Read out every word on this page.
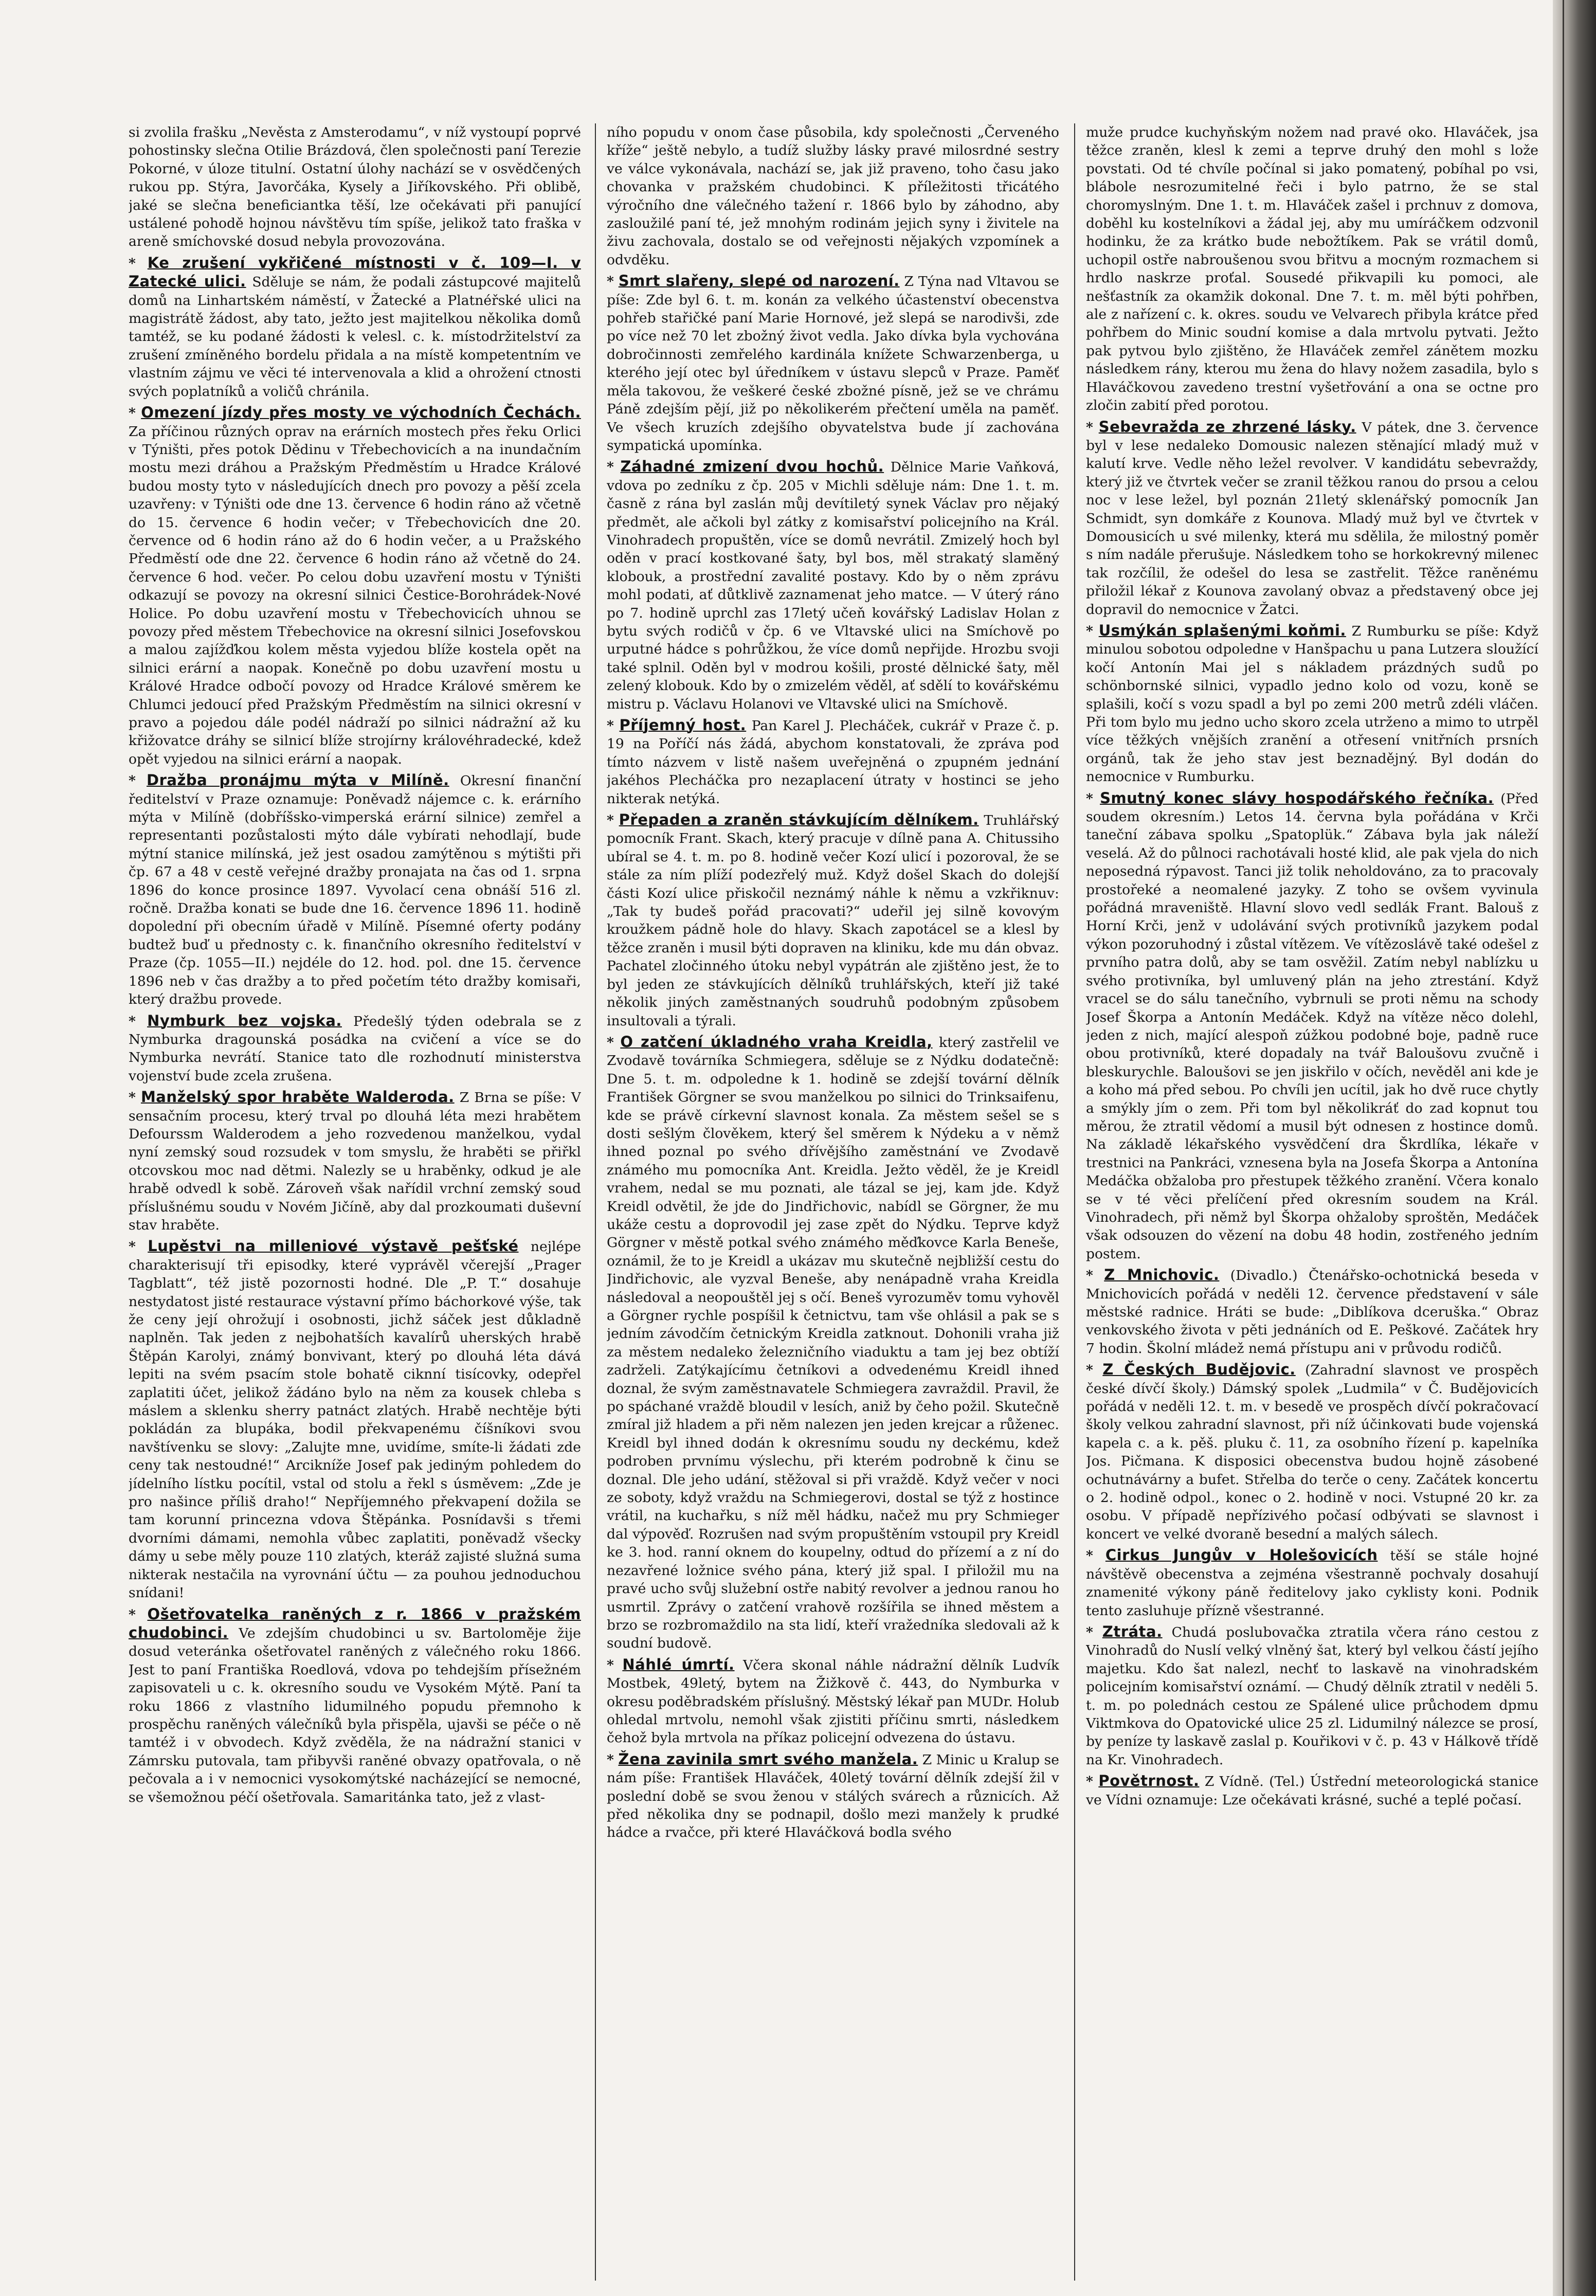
si zvolila frašku „Nevěsta z Amsterodamu“, v níž vystoupí poprvé pohostinsky slečna Otilie Brázdová, člen společnosti paní Terezie Pokorné, v úloze titulní. Ostatní úlohy nachází se v osvědčených rukou pp. Stýra, Javorčáka, Kysely a Jiříkovského. Při oblibě, jaké se slečna beneficiantka těší, lze očekávati při panující ustálené pohodě hojnou návštěvu tím spíše, jelikož tato fraška v areně smíchovské dosud nebyla provozována.

* Ke zrušení vykřičené místnosti v č. 109—I. v Zatecké ulici. Sděluje se nám, že podali zástupcové majitelů domů na Linhartském náměstí, v Žatecké a Platnéřské ulici na magistrátě žádost, aby tato, ježto jest majitelkou několika domů tamtéž, se ku podané žádosti k velesl. c. k. místodržitelství za zrušení zmíněného bordelu přidala a na místě kompetentním ve vlastním zájmu ve věci té intervenovala a klid a ohrožení ctnosti svých poplatníků a voličů chránila.

* Omezení jízdy přes mosty ve východních Čechách. Za příčinou různých oprav na erárních mostech přes řeku Orlici v Týništi, přes potok Dědinu v Třebechovicích a na inundačním mostu mezi dráhou a Pražským Předměstím u Hradce Králové budou mosty tyto v následujících dnech pro povozy a pěší zcela uzavřeny: v Týništi ode dne 13. července 6 hodin ráno až včetně do 15. července 6 hodin večer; v Třebechovicích dne 20. července od 6 hodin ráno až do 6 hodin večer, a u Pražského Předměstí ode dne 22. července 6 hodin ráno až včetně do 24. července 6 hod. večer. Po celou dobu uzavření mostu v Týništi odkazují se povozy na okresní silnici Čestice-Borohrádek-Nové Holice. Po dobu uzavření mostu v Třebechovicích uhnou se povozy před městem Třebechovice na okresní silnici Josefovskou a malou zajížďkou kolem města vyjedou blíže kostela opět na silnici erární a naopak. Konečně po dobu uzavření mostu u Králové Hradce odbočí povozy od Hradce Králové směrem ke Chlumci jedoucí před Pražským Předměstím na silnici okresní v pravo a pojedou dále podél nádraží po silnici nádražní až ku křižovatce dráhy se silnicí blíže strojírny královéhradecké, kdež opět vyjedou na silnici erární a naopak.

* Dražba pronájmu mýta v Milíně. Okresní finanční ředitelství v Praze oznamuje: Poněvadž nájemce c. k. erárního mýta v Milíně (dobříšsko-vimperská erární silnice) zemřel a representanti pozůstalosti mýto dále vybírati nehodlají, bude mýtní stanice milínská, jež jest osadou zamýtěnou s mýtišti při čp. 67 a 48 v cestě veřejné dražby pronajata na čas od 1. srpna 1896 do konce prosince 1897. Vyvolací cena obnáší 516 zl. ročně. Dražba konati se bude dne 16. července 1896 11. hodině dopolední při obecním úřadě v Milíně. Písemné oferty podány budtež buď u přednosty c. k. finančního okresního ředitelství v Praze (čp. 1055—II.) nejdéle do 12. hod. pol. dne 15. července 1896 neb v čas dražby a to před početím této dražby komisaři, který dražbu provede.

* Nymburk bez vojska. Předešlý týden odebrala se z Nymburka dragounská posádka na cvičení a více se do Nymburka nevrátí. Stanice tato dle rozhodnutí ministerstva vojenství bude zcela zrušena.

* Manželský spor hraběte Walderoda. Z Brna se píše: V sensačním procesu, který trval po dlouhá léta mezi hrabětem Defourssm Walderodem a jeho rozvedenou manželkou, vydal nyní zemský soud rozsudek v tom smyslu, že hraběti se přiřkl otcovskou moc nad dětmi. Nalezly se u hraběnky, odkud je ale hrabě odvedl k sobě. Zároveň však nařídil vrchní zemský soud příslušnému soudu v Novém Jičíně, aby dal prozkoumati duševní stav hraběte.

* Lupěstvi na milleniové výstavě pešťské nejlépe charakterisují tři episodky, které vyprávěl včerejší „Prager Tagblatt“, též jistě pozornosti hodné. Dle „P. T.“ dosahuje nestydatost jisté restaurace výstavní přímo báchorkové výše, tak že ceny její ohrožují i osobnosti, jichž sáček jest důkladně naplněn. Tak jeden z nejbohatších kavalírů uherských hrabě Štěpán Karolyi, známý bonvivant, který po dlouhá léta dává lepiti na svém psacím stole bohatě ciknní tisícovky, odepřel zaplatiti účet, jelikož žádáno bylo na něm za kousek chleba s máslem a sklenku sherry patnáct zlatých. Hrabě nechtěje býti pokládán za blupáka, bodil překvapenému číšníkovi svou navštívenku se slovy: „Zalujte mne, uvidíme, smíte-li žádati zde ceny tak nestoudné!“ Arcikníže Josef pak jediným pohledem do jídelního lístku pocítil, vstal od stolu a řekl s úsměvem: „Zde je pro našince příliš draho!“ Nepříjemného překvapení dožila se tam korunní princezna vdova Štěpánka. Posnídavši s třemi dvorními dámami, nemohla vůbec zaplatiti, poněvadž všecky dámy u sebe měly pouze 110 zlatých, kteráž zajisté služná suma nikterak nestačila na vyrovnání účtu — za pouhou jednoduchou snídani!

* Ošetřovatelka raněných z r. 1866 v pražském chudobinci. Ve zdejším chudobinci u sv. Bartoloměje žije dosud veteránka ošetřovatel raněných z válečného roku 1866. Jest to paní Františka Roedlová, vdova po tehdejším přísežném zapisovateli u c. k. okresního soudu ve Vysokém Mýtě. Paní ta roku 1866 z vlastního lidumilného popudu přemnoho k prospěchu raněných válečníků byla přispěla, ujavši se péče o ně tamtéž i v obvodech. Když zvěděla, že na nádražní stanici v Zámrsku putovala, tam přibyvši raněné obvazy opatřovala, o ně pečovala a i v nemocnici vysokomýtské nacházející se nemocné, se všemožnou péčí ošetřovala. Samaritánka tato, jež z vlast-

ního popudu v onom čase působila, kdy společnosti „Červeného kříže“ ještě nebylo, a tudíž služby lásky pravé milosrdné sestry ve válce vykonávala, nachází se, jak již praveno, toho času jako chovanka v pražském chudobinci. K příležitosti třicátého výročního dne válečného tažení r. 1866 bylo by záhodno, aby zasloužilé paní té, jež mnohým rodinám jejich syny i živitele na živu zachovala, dostalo se od veřejnosti nějakých vzpomínek a odvděku.

* Smrt slařeny, slepé od narození. Z Týna nad Vltavou se píše: Zde byl 6. t. m. konán za velkého účastenství obecenstva pohřeb stařičké paní Marie Hornové, jež slepá se narodivši, zde po více než 70 let zbožný život vedla. Jako dívka byla vychována dobročinnosti zemřelého kardinála knížete Schwarzenberga, u kterého její otec byl úředníkem v ústavu slepců v Praze. Paměť měla takovou, že veškeré české zbožné písně, jež se ve chrámu Páně zdejším pějí, již po několikerém přečtení uměla na paměť. Ve všech kruzích zdejšího obyvatelstva bude jí zachována sympatická upomínka.

* Záhadné zmizení dvou hochů. Dělnice Marie Vaňková, vdova po zedníku z čp. 205 v Michli sděluje nám: Dne 1. t. m. časně z rána byl zaslán můj devítiletý synek Václav pro nějaký předmět, ale ačkoli byl zátky z komisařství policejního na Král. Vinohradech propuštěn, více se domů nevrátil. Zmizelý hoch byl oděn v prací kostkované šaty, byl bos, měl strakatý slaměný klobouk, a prostřední zavalité postavy. Kdo by o něm zprávu mohl podati, ať důtklivě zaznamenat jeho matce. — V úterý ráno po 7. hodině uprchl zas 17letý učeň kovářský Ladislav Holan z bytu svých rodičů v čp. 6 ve Vltavské ulici na Smíchově po urputné hádce s pohrůžkou, že více domů nepřijde. Hrozbu svoji také splnil. Oděn byl v modrou košili, prosté dělnické šaty, měl zelený klobouk. Kdo by o zmizelém věděl, ať sdělí to kovářskému mistru p. Václavu Holanovi ve Vltavské ulici na Smíchově.

* Příjemný host. Pan Karel J. Plecháček, cukrář v Praze č. p. 19 na Poříčí nás žádá, abychom konstatovali, že zpráva pod tímto názvem v listě našem uveřejněná o zpupném jednání jakéhos Plecháčka pro nezaplacení útraty v hostinci se jeho nikterak netýká.

* Přepaden a zraněn stávkujícím dělníkem. Truhlářský pomocník Frant. Skach, který pracuje v dílně pana A. Chitussiho ubíral se 4. t. m. po 8. hodině večer Kozí ulicí i pozoroval, že se stále za ním plíží podezřelý muž. Když došel Skach do dolejší části Kozí ulice přiskočil neznámý náhle k němu a vzkřiknuv: „Tak ty budeš pořád pracovati?“ udeřil jej silně kovovým kroužkem pádně hole do hlavy. Skach zapotácel se a klesl by těžce zraněn i musil býti dopraven na kliniku, kde mu dán obvaz. Pachatel zločinného útoku nebyl vypátrán ale zjištěno jest, že to byl jeden ze stávkujících dělníků truhlářských, kteří již také několik jiných zaměstnaných soudruhů podobným způsobem insultovali a týrali.

* O zatčení úkladného vraha Kreidla, který zastřelil ve Zvodavě továrníka Schmiegera, sděluje se z Nýdku dodatečně: Dne 5. t. m. odpoledne k 1. hodině se zdejší tovární dělník František Görgner se svou manželkou po silnici do Trinksaifenu, kde se právě církevní slavnost konala. Za městem sešel se s dosti sešlým člověkem, který šel směrem k Nýdeku a v němž ihned poznal po svého dřívějšího zaměstnání ve Zvodavě známého mu pomocníka Ant. Kreidla. Ježto věděl, že je Kreidl vrahem, nedal se mu poznati, ale tázal se jej, kam jde. Když Kreidl odvětil, že jde do Jindřichovic, nabídl se Görgner, že mu ukáže cestu a doprovodil jej zase zpět do Nýdku. Teprve když Görgner v městě potkal svého známého měďkovce Karla Beneše, oznámil, že to je Kreidl a ukázav mu skutečně nejbližší cestu do Jindřichovic, ale vyzval Beneše, aby nenápadně vraha Kreidla následoval a neopouštěl jej s očí. Beneš vyrozuměv tomu vyhověl a Görgner rychle pospíšil k četnictvu, tam vše ohlásil a pak se s jedním závodčím četnickým Kreidla zatknout. Dohonili vraha již za městem nedaleko železničního viaduktu a tam jej bez obtíží zadrželi. Zatýkajícímu četníkovi a odvedenému Kreidl ihned doznal, že svým zaměstnavatele Schmiegera zavraždil. Pravil, že po spáchané vraždě bloudil v lesích, aniž by čeho požil. Skutečně zmíral již hladem a při něm nalezen jen jeden krejcar a růženec. Kreidl byl ihned dodán k okresnímu soudu ny deckému, kdež podroben prvnímu výslechu, při kterém podrobně k činu se doznal. Dle jeho udání, stěžoval si při vraždě. Když večer v noci ze soboty, když vraždu na Schmiegerovi, dostal se týž z hostince vrátil, na kuchařku, s níž měl hádku, načež mu pry Schmieger dal výpověď. Rozrušen nad svým propuštěním vstoupil pry Kreidl ke 3. hod. ranní oknem do koupelny, odtud do přízemí a z ní do nezavřené ložnice svého pána, který již spal. I přiložil mu na pravé ucho svůj služební ostře nabitý revolver a jednou ranou ho usmrtil. Zprávy o zatčení vrahově rozšířila se ihned městem a brzo se rozbromaždilo na sta lidí, kteří vražedníka sledovali až k soudní budově.

* Náhlé úmrtí. Včera skonal náhle nádražní dělník Ludvík Mostbek, 49letý, bytem na Žižkově č. 443, do Nymburka v okresu poděbradském příslušný. Městský lékař pan MUDr. Holub ohledal mrtvolu, nemohl však zjistiti příčinu smrti, následkem čehož byla mrtvola na příkaz policejní odvezena do ústavu.

* Žena zavinila smrt svého manžela. Z Minic u Kralup se nám píše: František Hlaváček, 40letý tovární dělník zdejší žil v poslední době se svou ženou v stálých svárech a různicích. Až před několika dny se podnapil, došlo mezi manžely k prudké hádce a rvačce, při které Hlaváčková bodla svého

muže prudce kuchyňským nožem nad pravé oko. Hlaváček, jsa těžce zraněn, klesl k zemi a teprve druhý den mohl s lože povstati. Od té chvíle počínal si jako pomatený, pobíhal po vsi, blábole nesrozumitelné řeči i bylo patrno, že se stal choromyslným. Dne 1. t. m. Hlaváček zašel i prchnuv z domova, doběhl ku kostelníkovi a žádal jej, aby mu umíráčkem odzvonil hodinku, že za krátko bude nebožtíkem. Pak se vrátil domů, uchopil ostře nabroušenou svou břitvu a mocným rozmachem si hrdlo naskrze proťal. Sousedé přikvapili ku pomoci, ale nešťastník za okamžik dokonal. Dne 7. t. m. měl býti pohřben, ale z nařízení c. k. okres. soudu ve Velvarech přibyla krátce před pohřbem do Minic soudní komise a dala mrtvolu pytvati. Ježto pak pytvou bylo zjištěno, že Hlaváček zemřel zánětem mozku následkem rány, kterou mu žena do hlavy nožem zasadila, bylo s Hlaváčkovou zavedeno trestní vyšetřování a ona se octne pro zločin zabití před porotou.

* Sebevražda ze zhrzené lásky. V pátek, dne 3. července byl v lese nedaleko Domousic nalezen stěnající mladý muž v kalutí krve. Vedle něho ležel revolver. V kandidátu sebevraždy, který již ve čtvrtek večer se zranil těžkou ranou do prsou a celou noc v lese ležel, byl poznán 21letý sklenářský pomocník Jan Schmidt, syn domkáře z Kounova. Mladý muž byl ve čtvrtek v Domousicích u své milenky, která mu sdělila, že milostný poměr s ním nadále přerušuje. Následkem toho se horkokrevný milenec tak rozčílil, že odešel do lesa se zastřelit. Těžce raněnému přiložil lékař z Kounova zavolaný obvaz a představený obce jej dopravil do nemocnice v Žatci.

* Usmýkán splašenými koňmi. Z Rumburku se píše: Když minulou sobotou odpoledne v Hanšpachu u pana Lutzera sloužící kočí Antonín Mai jel s nákladem prázdných sudů po schönbornské silnici, vypadlo jedno kolo od vozu, koně se splašili, kočí s vozu spadl a byl po zemi 200 metrů zdéli vláčen. Při tom bylo mu jedno ucho skoro zcela utrženo a mimo to utrpěl více těžkých vnějších zranění a otřesení vnitřních prsních orgánů, tak že jeho stav jest beznadějný. Byl dodán do nemocnice v Rumburku.

* Smutný konec slávy hospodářského řečníka. (Před soudem okresním.) Letos 14. června byla pořádána v Krči taneční zábava spolku „Spatoplük.“ Zábava byla jak náleží veselá. Až do půlnoci rachotávali hosté klid, ale pak vjela do nich neposedná rýpavost. Tanci již tolik neholdováno, za to pracovaly prostořeké a neomalené jazyky. Z toho se ovšem vyvinula pořádná mraveniště. Hlavní slovo vedl sedlák Frant. Balouš z Horní Krči, jenž v udolávání svých protivníků jazykem podal výkon pozoruhodný i zůstal vítězem. Ve vítězoslávě také odešel z prvního patra dolů, aby se tam osvěžil. Zatím nebyl nablízku u svého protivníka, byl umluvený plán na jeho ztrestání. Když vracel se do sálu tanečního, vybrnuli se proti němu na schody Josef Škorpa a Antonín Medáček. Když na vítěze něco dolehl, jeden z nich, mající alespoň zúžkou podobné boje, padně ruce obou protivníků, které dopadaly na tvář Baloušovu zvučně i bleskurychle. Baloušovi se jen jiskřilo v očích, nevěděl ani kde je a koho má před sebou. Po chvíli jen ucítil, jak ho dvě ruce chytly a smýkly jím o zem. Při tom byl několikráť do zad kopnut tou měrou, že ztratil vědomí a musil být odnesen z hostince domů. Na základě lékařského vysvědčení dra Škrdlíka, lékaře v trestnici na Pankráci, vznesena byla na Josefa Škorpa a Antonína Medáčka obžaloba pro přestupek těžkého zranění. Včera konalo se v té věci přelíčení před okresním soudem na Král. Vinohradech, při němž byl Škorpa ohžaloby sproštěn, Medáček však odsouzen do vězení na dobu 48 hodin, zostřeného jedním postem.

* Z Mnichovic. (Divadlo.) Čtenářsko-ochotnická beseda v Mnichovicích pořádá v neděli 12. července představení v sále městské radnice. Hráti se bude: „Diblíkova dceruška.“ Obraz venkovského života v pěti jednáních od E. Peškové. Začátek hry 7 hodin. Školní mládež nemá přístupu ani v průvodu rodičů.

* Z Českých Budějovic. (Zahradní slavnost ve prospěch české dívčí školy.) Dámský spolek „Ludmila“ v Č. Budějovicích pořádá v neděli 12. t. m. v besedě ve prospěch dívčí pokračovací školy velkou zahradní slavnost, při níž účinkovati bude vojenská kapela c. a k. pěš. pluku č. 11, za osobního řízení p. kapelníka Jos. Pičmana. K disposici obecenstva budou hojně zásobené ochutnávárny a bufet. Střelba do terče o ceny. Začátek koncertu o 2. hodině odpol., konec o 2. hodině v noci. Vstupné 20 kr. za osobu. V případě nepřízivého počasí odbývati se slavnost i koncert ve velké dvoraně besední a malých sálech.

* Cirkus Jungův v Holešovicích těší se stále hojné návštěvě obecenstva a zejména všestranně pochvaly dosahují znamenité výkony páně ředitelovy jako cyklisty koni. Podnik tento zasluhuje přízně všestranné.

* Ztráta. Chudá poslubovačka ztratila včera ráno cestou z Vinohradů do Nuslí velký vlněný šat, který byl velkou částí jejího majetku. Kdo šat nalezl, nechť to laskavě na vinohradském policejním komisařství oznámí. — Chudý dělník ztratil v neděli 5. t. m. po polednách cestou ze Spálené ulice průchodem dpmu Viktmkova do Opatovické ulice 25 zl. Lidumilný nálezce se prosí, by peníze ty laskavě zaslal p. Kouřikovi v č. p. 43 v Hálkově třídě na Kr. Vinohradech.

* Povětrnost. Z Vídně. (Tel.) Ústřední meteorologická stanice ve Vídni oznamuje: Lze očekávati krásné, suché a teplé počasí.
